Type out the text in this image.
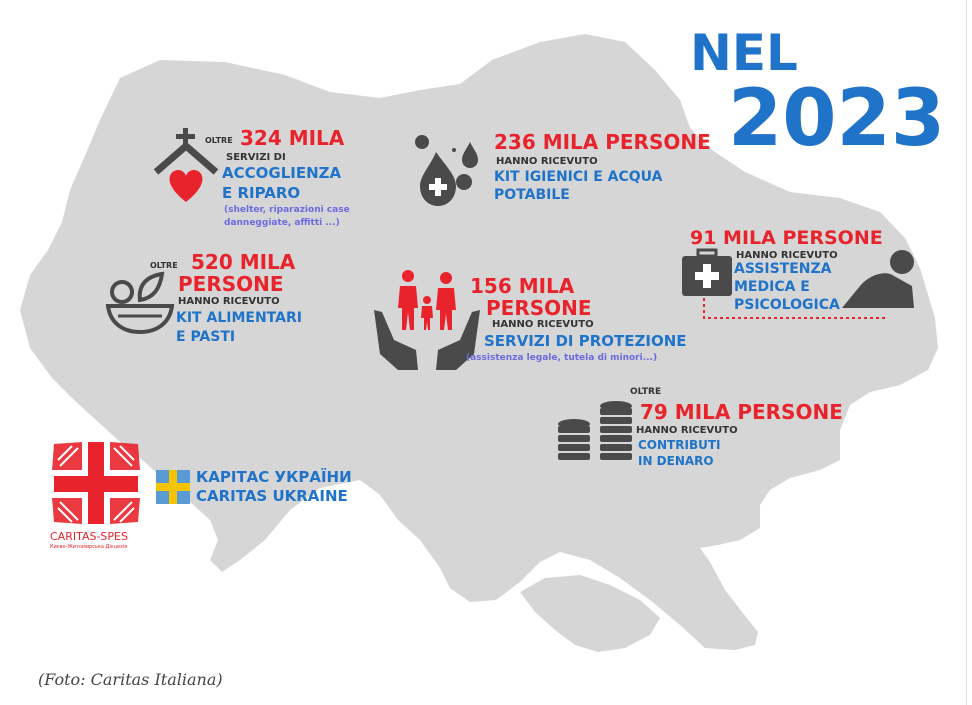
NEL
2023
OLTRE 324 MILA
SERVIZI DI
ACCOGLIENZA
E RIPARO
(shelter, riparazioni case
danneggiate, affitti ...)
236 MILA PERSONE
HANNO RICEVUTO
KIT IGIENICI E ACQUA
POTABILE
OLTRE 520 MILA
PERSONE
HANNO RICEVUTO
KIT ALIMENTARI
E PASTI
156 MILA
PERSONE
HANNO RICEVUTO
SERVIZI DI PROTEZIONE
(assistenza legale, tutela di minori...)
91 MILA PERSONE
HANNO RICEVUTO
ASSISTENZA
MEDICA E
PSICOLOGICA
OLTRE
79 MILA PERSONE
HANNO RICEVUTO
CONTRIBUTI
IN DENARO
CARITAS-SPES
Києво-Житомирська Дієцезія
КАРІТАС УКРАЇНИ
CARITAS UKRAINE
(Foto: Caritas Italiana)
